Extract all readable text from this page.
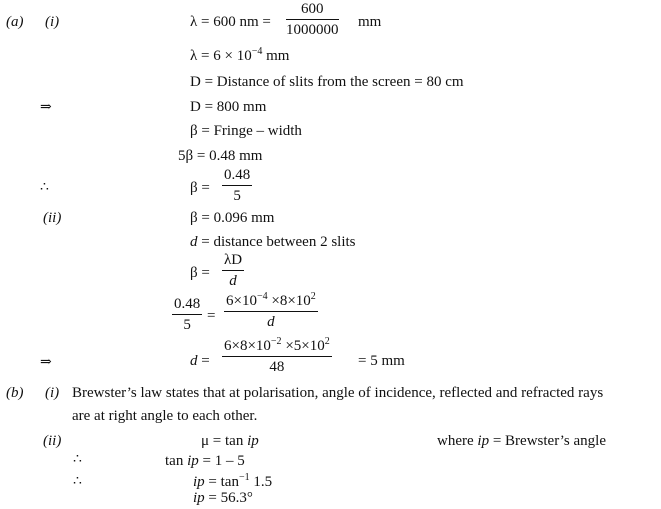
(a) (i)	λ = 600 nm = $\frac{600}{1000000}$ mm
$\lambda = 6 \times 10^{-4}$ mm
D = Distance of slits from the screen = 80 cm
⇒	D = 800 mm
β = Fringe – width
5β = 0.48 mm
∴	$\beta = \frac{0.48}{5}$
(ii)	β = 0.096 mm
d = distance between 2 slits
$\beta = \frac{\lambda D}{d}$
$\frac{0.48}{5} = \frac{6\times 10^{-4} \times 8\times 10^2}{d}$
⇒	$d = \frac{6\times 8\times 10^{-2} \times 5\times 10^2}{48} = 5$ mm
(b) (i) Brewster’s law states that at polarisation, angle of incidence, reflected and refracted rays
are at right angle to each other.
(ii)	μ = tan ip	where ip = Brewster’s angle
∴	tan ip = 1 – 5
∴	ip = $\tan^{-1} 1.5$
ip = 56.3°
